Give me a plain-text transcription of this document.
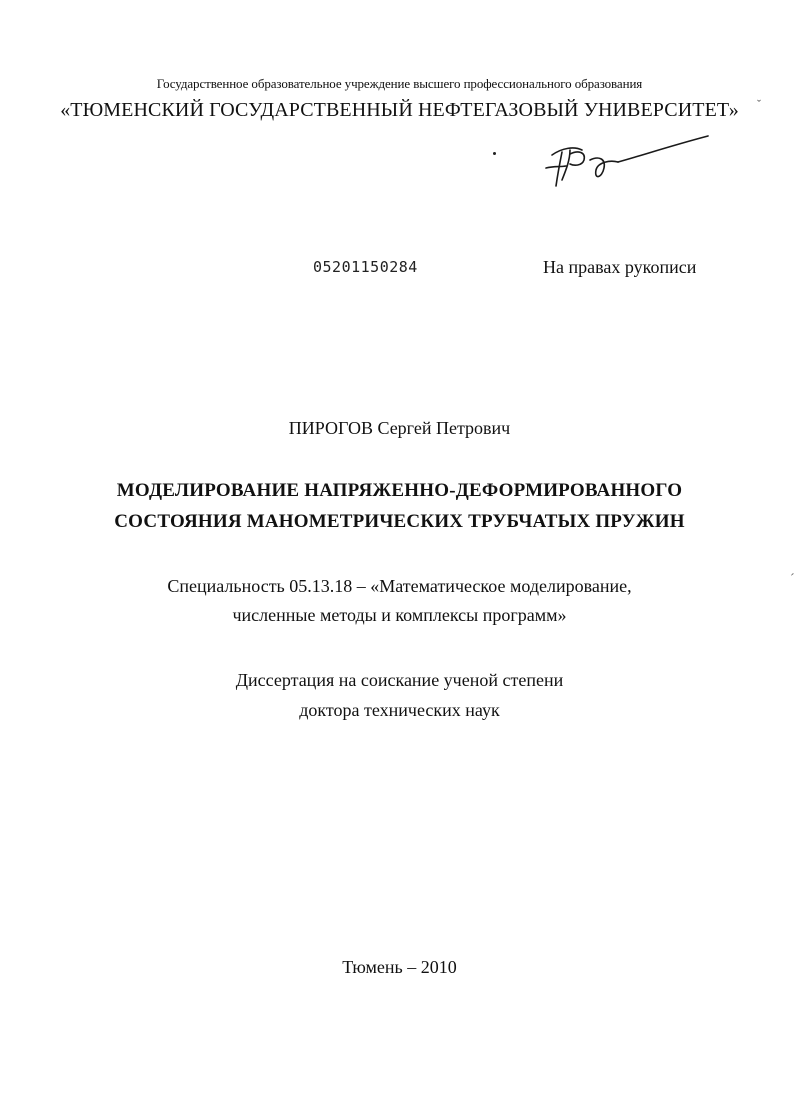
Государственное образовательное учреждение высшего профессионального образования
«ТЮМЕНСКИЙ ГОСУДАРСТВЕННЫЙ НЕФТЕГАЗОВЫЙ УНИВЕРСИТЕТ»	ˇ
05201150284	На правах рукописи
ПИРОГОВ Сергей Петрович
МОДЕЛИРОВАНИЕ НАПРЯЖЕННО-ДЕФОРМИРОВАННОГО
СОСТОЯНИЯ МАНОМЕТРИЧЕСКИХ ТРУБЧАТЫХ ПРУЖИН
Специальность 05.13.18 – «Математическое моделирование,
численные методы и комплексы программ»
Диссертация на соискание ученой степени
доктора технических наук
ˊ
Тюмень – 2010
